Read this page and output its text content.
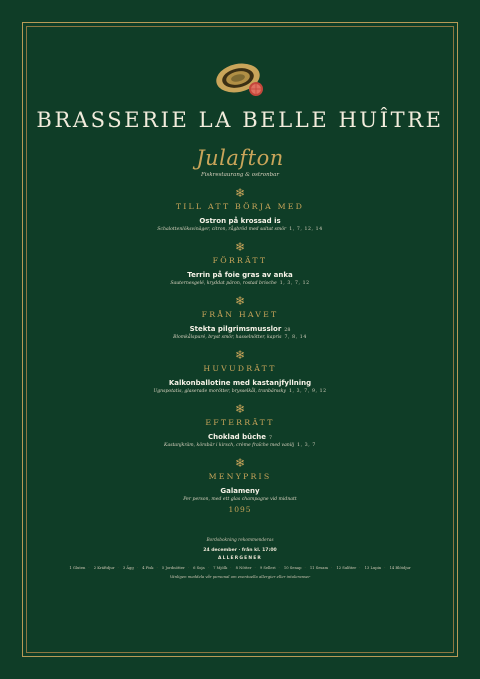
BRASSERIE LA BELLE HUÎTRE
Julafton
Fiskrestaurang & ostronbar
❄
TILL ATT BÖRJA MED
Ostron på krossad is
Schalottenlöksvinäger, citron, rågbröd med saltat smör 1, 7, 12, 14
❄
FÖRRÄTT
Terrin på foie gras av anka
Sauternesgelé, kryddat päron, rostad brioche 1, 3, 7, 12
❄
FRÅN HAVET
Stekta pilgrimsmusslor 28
Blomkålspuré, bryst smör, hasselnötter, kapris 7, 8, 14
❄
HUVUDRÄTT
Kalkonballotine med kastanjfyllning
Ugnspotatis, glaserade morötter, brysselkål, tranbärssky 1, 3, 7, 9, 12
❄
EFTERRÄTT
Choklad bûche 7
Kastanjkräm, körsbär i kirsch, crème fraîche med vanilj 1, 3, 7
❄
MENYPRIS
Galameny
Per person, med ett glas champagne vid midnatt
1095
Bordsbokning rekommenderas
24 december · från kl. 17:00
ALLERGENER
1 Gluten · 2 Kräftdjur · 3 Ägg · 4 Fisk · 5 Jordnötter · 6 Soja · 7 Mjölk · 8 Nötter · 9 Selleri · 10 Senap · 11 Sesam · 12 Sulfiter · 13 Lupin · 14 Blötdjur
Vänligen meddela vår personal om eventuella allergier eller intoleranser
